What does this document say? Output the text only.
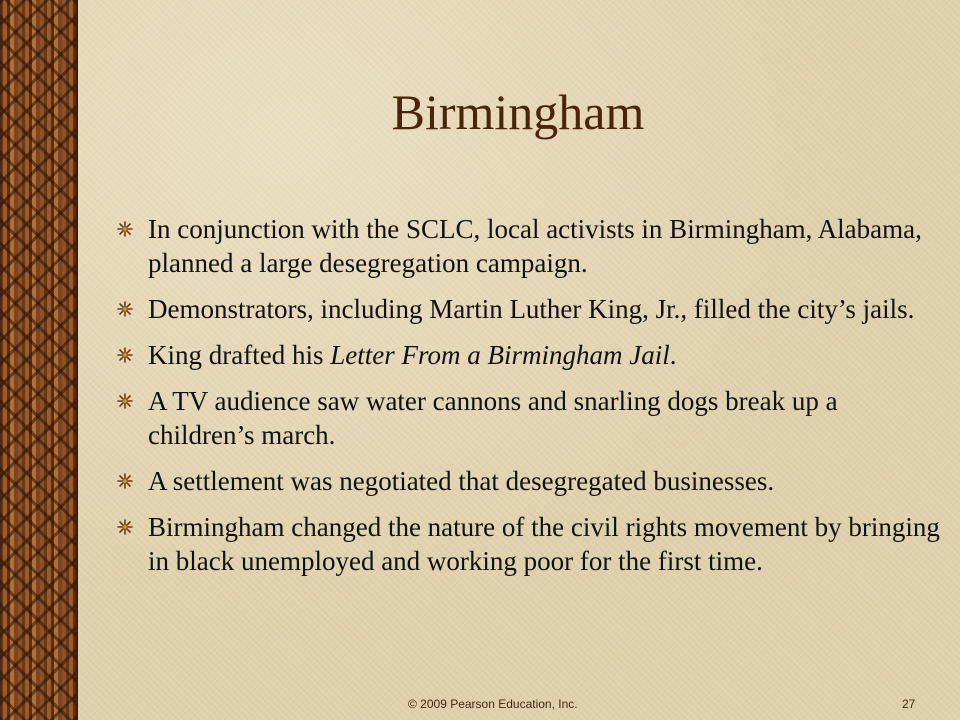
Birmingham
In conjunction with the SCLC, local activists in Birmingham, Alabama, planned a large desegregation campaign.
Demonstrators, including Martin Luther King, Jr., filled the city’s jails.
King drafted his Letter From a Birmingham Jail.
A TV audience saw water cannons and snarling dogs break up a children’s march.
A settlement was negotiated that desegregated businesses.
Birmingham changed the nature of the civil rights movement by bringing in black unemployed and working poor for the first time.
© 2009 Pearson Education, Inc.	27
